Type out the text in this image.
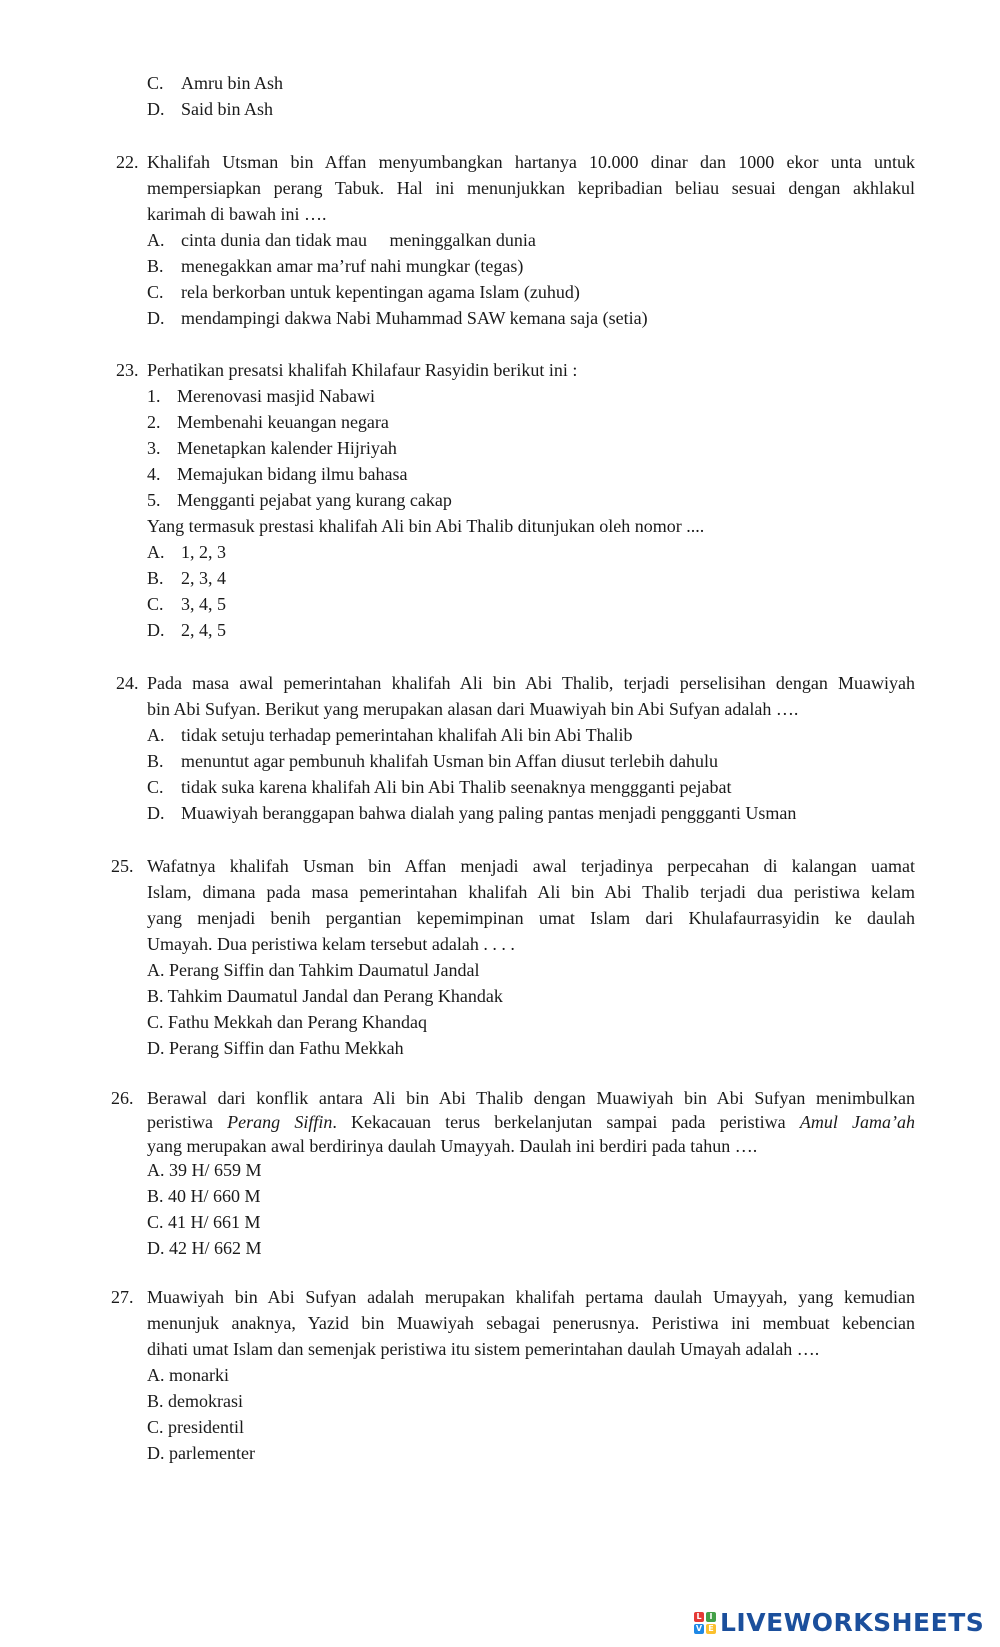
C. Amru bin Ash
D. Said bin Ash
22. Khalifah Utsman bin Affan menyumbangkan hartanya 10.000 dinar dan 1000 ekor unta untuk
mempersiapkan perang Tabuk. Hal ini menunjukkan kepribadian beliau sesuai dengan akhlakul
karimah di bawah ini ….
A. cinta dunia dan tidak mau     meninggalkan dunia
B. menegakkan amar ma’ruf nahi mungkar (tegas)
C. rela berkorban untuk kepentingan agama Islam (zuhud)
D. mendampingi dakwa Nabi Muhammad SAW kemana saja (setia)
23. Perhatikan presatsi khalifah Khilafaur Rasyidin berikut ini :
1. Merenovasi masjid Nabawi
2. Membenahi keuangan negara
3. Menetapkan kalender Hijriyah
4. Memajukan bidang ilmu bahasa
5. Mengganti pejabat yang kurang cakap
Yang termasuk prestasi khalifah Ali bin Abi Thalib ditunjukan oleh nomor ....
A. 1, 2, 3
B. 2, 3, 4
C. 3, 4, 5
D. 2, 4, 5
24. Pada masa awal pemerintahan khalifah Ali bin Abi Thalib, terjadi perselisihan dengan Muawiyah
bin Abi Sufyan. Berikut yang merupakan alasan dari Muawiyah bin Abi Sufyan adalah ….
A. tidak setuju terhadap pemerintahan khalifah Ali bin Abi Thalib
B. menuntut agar pembunuh khalifah Usman bin Affan diusut terlebih dahulu
C. tidak suka karena khalifah Ali bin Abi Thalib seenaknya menggganti pejabat
D. Muawiyah beranggapan bahwa dialah yang paling pantas menjadi penggganti Usman
25. Wafatnya khalifah Usman bin Affan menjadi awal terjadinya perpecahan di kalangan uamat
Islam, dimana pada masa pemerintahan khalifah Ali bin Abi Thalib terjadi dua peristiwa kelam
yang menjadi benih pergantian kepemimpinan umat Islam dari Khulafaurrasyidin ke daulah
Umayah. Dua peristiwa kelam tersebut adalah . . . .
A. Perang Siffin dan Tahkim Daumatul Jandal
B. Tahkim Daumatul Jandal dan Perang Khandak
C. Fathu Mekkah dan Perang Khandaq
D. Perang Siffin dan Fathu Mekkah
26. Berawal dari konflik antara Ali bin Abi Thalib dengan Muawiyah bin Abi Sufyan menimbulkan
peristiwa Perang Siffin. Kekacauan terus berkelanjutan sampai pada peristiwa Amul Jama’ah
yang merupakan awal berdirinya daulah Umayyah. Daulah ini berdiri pada tahun ….
A. 39 H/ 659 M
B. 40 H/ 660 M
C. 41 H/ 661 M
D. 42 H/ 662 M
27. Muawiyah bin Abi Sufyan adalah merupakan khalifah pertama daulah Umayyah, yang kemudian
menunjuk anaknya, Yazid bin Muawiyah sebagai penerusnya. Peristiwa ini membuat kebencian
dihati umat Islam dan semenjak peristiwa itu sistem pemerintahan daulah Umayah adalah ….
A. monarki
B. demokrasi
C. presidentil
D. parlementer
L I
V E LIVEWORKSHEETS
